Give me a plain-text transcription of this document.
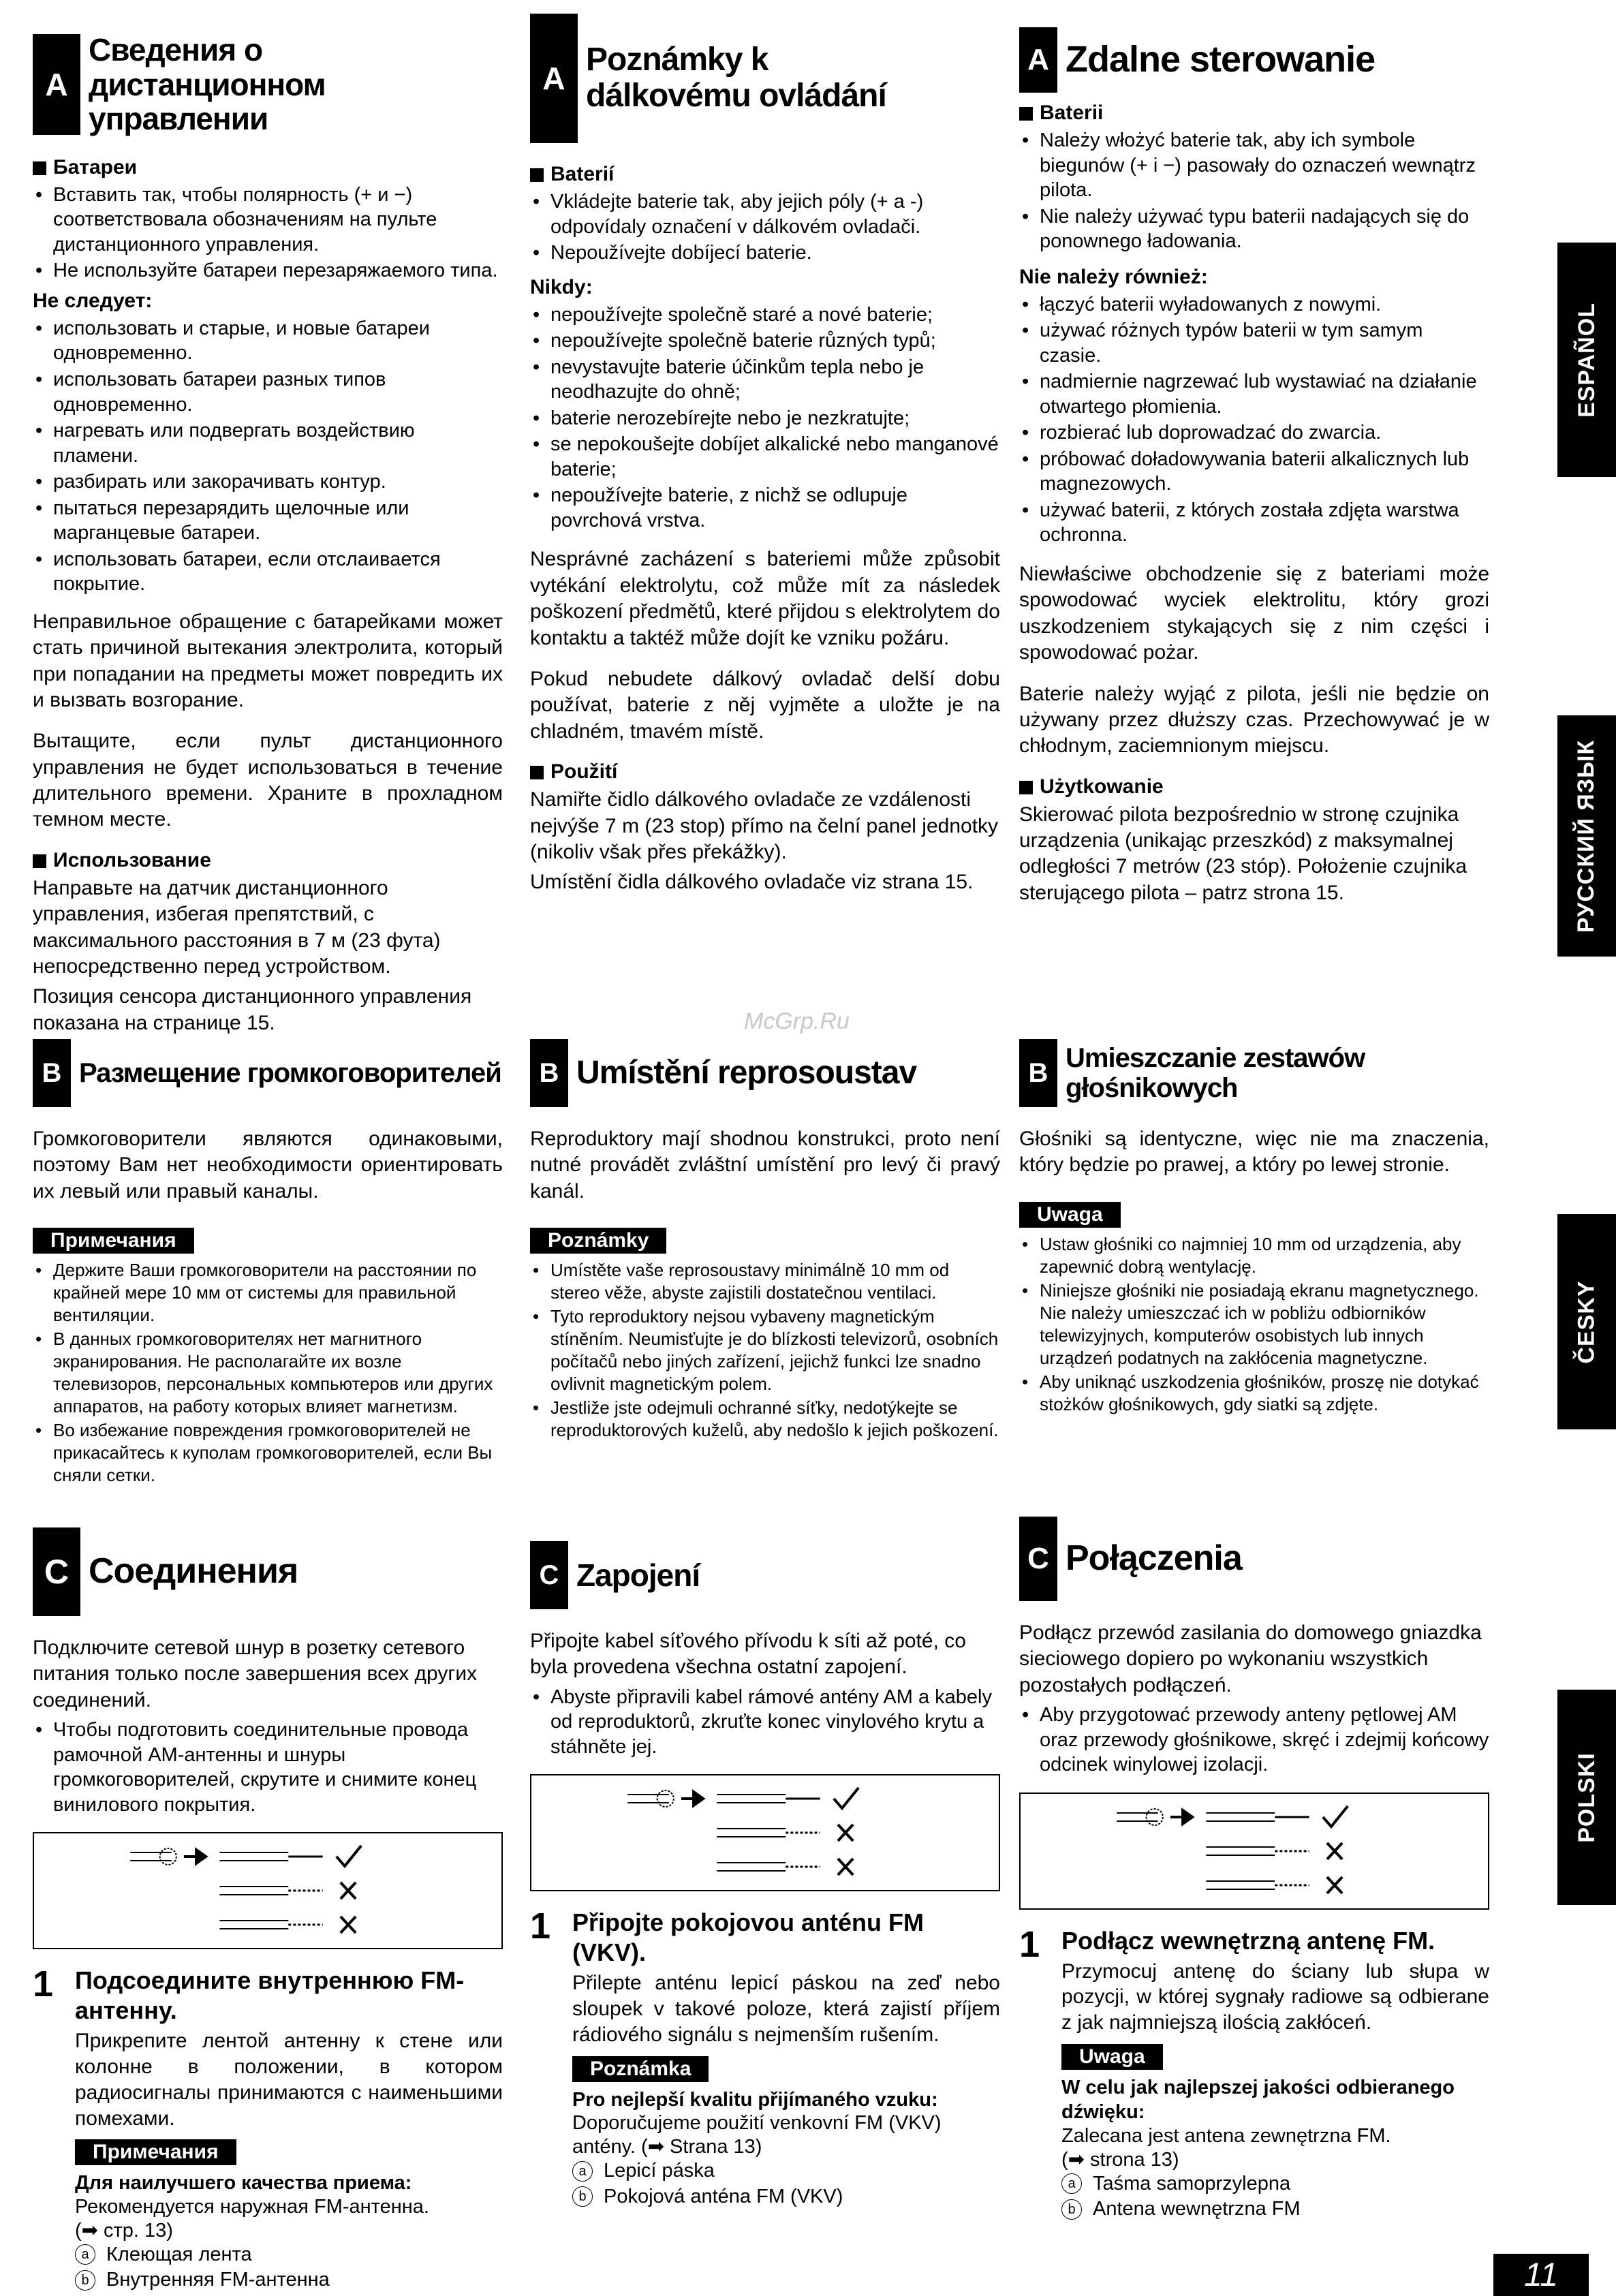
A
Сведения о дистанционном управлении
Батареи
• Вставить так, чтобы полярность (+ и −) соответствовала обозначениям на пульте дистанционного управления.
• Не используйте батареи перезаряжаемого типа.
Не следует:
• использовать и старые, и новые батареи одновременно.
• использовать батареи разных типов одновременно.
• нагревать или подвергать воздействию пламени.
• разбирать или закорачивать контур.
• пытаться перезарядить щелочные или марганцевые батареи.
• использовать батареи, если отслаивается покрытие.

Неправильное обращение с батарейками может стать причиной вытекания электролита, который при попадании на предметы может повредить их и вызвать возгорание.

Вытащите, если пульт дистанционного управления не будет использоваться в течение длительного времени. Храните в прохладном темном месте.

Использование

Направьте на датчик дистанционного управления, избегая препятствий, с максимального расстояния в 7 м (23 фута) непосредственно перед устройством.

Позиция сенсора дистанционного управления показана на странице 15.

B Размещение громкоговорителей

Громкоговорители являются одинаковыми, поэтому Вам нет необходимости ориентировать их левый или правый каналы.

Примечания
• Держите Ваши громкоговорители на расстоянии по крайней мере 10 мм от системы для правильной вентиляции.
• В данных громкоговорителях нет магнитного экранирования. Не располагайте их возле телевизоров, персональных компьютеров или других аппаратов, на работу которых влияет магнетизм.
• Во избежание повреждения громкоговорителей не прикасайтесь к куполам громкоговорителей, если Вы сняли сетки.
C Соединения

Подключите сетевой шнур в розетку сетевого питания только после завершения всех других соединений.

• Чтобы подготовить соединительные провода рамочной АМ-антенны и шнуры громкоговорителей, скрутите и снимите конец винилового покрытия.
1 Подсоедините внутреннюю FM-антенну.
Прикрепите лентой антенну к стене или колонне в положении, в котором радиосигналы принимаются с наименьшими помехами.
Примечания
Для наилучшего качества приема:
Рекомендуется наружная FM-антенна.
(➡ стр. 13)
a Клеющая лента
b Внутренняя FM-антенна
A
Poznámky k dálkovému ovládání
Baterií
• Vkládejte baterie tak, aby jejich póly (+ a -) odpovídaly označení v dálkovém ovladači.
• Nepoužívejte dobíjecí baterie.
Nikdy:
• nepoužívejte společně staré a nové baterie;
• nepoužívejte společně baterie různých typů;
• nevystavujte baterie účinkům tepla nebo je neodhazujte do ohně;
• baterie nerozebírejte nebo je nezkratujte;
• se nepokoušejte dobíjet alkalické nebo manganové baterie;
• nepoužívejte baterie, z nichž se odlupuje povrchová vrstva.

Nesprávné zacházení s bateriemi může způsobit vytékání elektrolytu, což může mít za následek poškození předmětů, které přijdou s elektrolytem do kontaktu a taktéž může dojít ke vzniku požáru.

Pokud nebudete dálkový ovladač delší dobu používat, baterie z něj vyjměte a uložte je na chladném, tmavém místě.

Použití

Namiřte čidlo dálkového ovladače ze vzdálenosti nejvýše 7 m (23 stop) přímo na čelní panel jednotky (nikoliv však přes překážky).

Umístění čidla dálkového ovladače viz strana 15.

B Umístění reprosoustav

Reproduktory mají shodnou konstrukci, proto není nutné provádět zvláštní umístění pro levý či pravý kanál.

Poznámky
• Umístěte vaše reprosoustavy minimálně 10 mm od stereo věže, abyste zajistili dostatečnou ventilaci.
• Tyto reproduktory nejsou vybaveny magnetickým stíněním. Neumisťujte je do blízkosti televizorů, osobních počítačů nebo jiných zařízení, jejichž funkci lze snadno ovlivnit magnetickým polem.
• Jestliže jste odejmuli ochranné síťky, nedotýkejte se reproduktorových kuželů, aby nedošlo k jejich poškození.
C Zapojení

Připojte kabel síťového přívodu k síti až poté, co byla provedena všechna ostatní zapojení.

• Abyste připravili kabel rámové antény AM a kabely od reproduktorů, zkruťte konec vinylového krytu a stáhněte jej.
1 Připojte pokojovou anténu FM (VKV).
Přilepte anténu lepicí páskou na zeď nebo sloupek v takové poloze, která zajistí příjem rádiového signálu s nejmenším rušením.
Poznámka
Pro nejlepší kvalitu přijímaného vzuku:
Doporučujeme použití venkovní FM (VKV) antény. (➡ Strana 13)
a Lepicí páska
b Pokojová anténa FM (VKV)
A Zdalne sterowanie
Baterii
• Należy włożyć baterie tak, aby ich symbole biegunów (+ i −) pasowały do oznaczeń wewnątrz pilota.
• Nie należy używać typu baterii nadających się do ponownego ładowania.
Nie należy również:
• łączyć baterii wyładowanych z nowymi.
• używać różnych typów baterii w tym samym czasie.
• nadmiernie nagrzewać lub wystawiać na działanie otwartego płomienia.
• rozbierać lub doprowadzać do zwarcia.
• próbować doładowywania baterii alkalicznych lub magnezowych.
• używać baterii, z których została zdjęta warstwa ochronna.

Niewłaściwe obchodzenie się z bateriami może spowodować wyciek elektrolitu, który grozi uszkodzeniem stykających się z nim części i spowodować pożar.

Baterie należy wyjąć z pilota, jeśli nie będzie on używany przez dłuższy czas. Przechowywać je w chłodnym, zaciemnionym miejscu.

Użytkowanie

Skierować pilota bezpośrednio w stronę czujnika urządzenia (unikając przeszkód) z maksymalnej odległości 7 metrów (23 stóp). Położenie czujnika sterującego pilota – patrz strona 15.

B Umieszczanie zestawów głośnikowych

Głośniki są identyczne, więc nie ma znaczenia, który będzie po prawej, a który po lewej stronie.

Uwaga
• Ustaw głośniki co najmniej 10 mm od urządzenia, aby zapewnić dobrą wentylację.
• Niniejsze głośniki nie posiadają ekranu magnetycznego. Nie należy umieszczać ich w pobliżu odbiorników telewizyjnych, komputerów osobistych lub innych urządzeń podatnych na zakłócenia magnetyczne.
• Aby uniknąć uszkodzenia głośników, proszę nie dotykać stożków głośnikowych, gdy siatki są zdjęte.
C Połączenia

Podłącz przewód zasilania do domowego gniazdka sieciowego dopiero po wykonaniu wszystkich pozostałych podłączeń.

• Aby przygotować przewody anteny pętlowej AM oraz przewody głośnikowe, skręć i zdejmij końcowy odcinek winylowej izolacji.
1 Podłącz wewnętrzną antenę FM.
Przymocuj antenę do ściany lub słupa w pozycji, w której sygnały radiowe są odbierane z jak najmniejszą ilością zakłóceń.
Uwaga
W celu jak najlepszej jakości odbieranego dźwięku:
Zalecana jest antena zewnętrzna FM.
(➡ strona 13)
a Taśma samoprzylepna
b Antena wewnętrzna FM
ESPAÑOL
РУССКИЙ ЯЗЫК
ČESKY
POLSKI
11
McGrp.Ru
